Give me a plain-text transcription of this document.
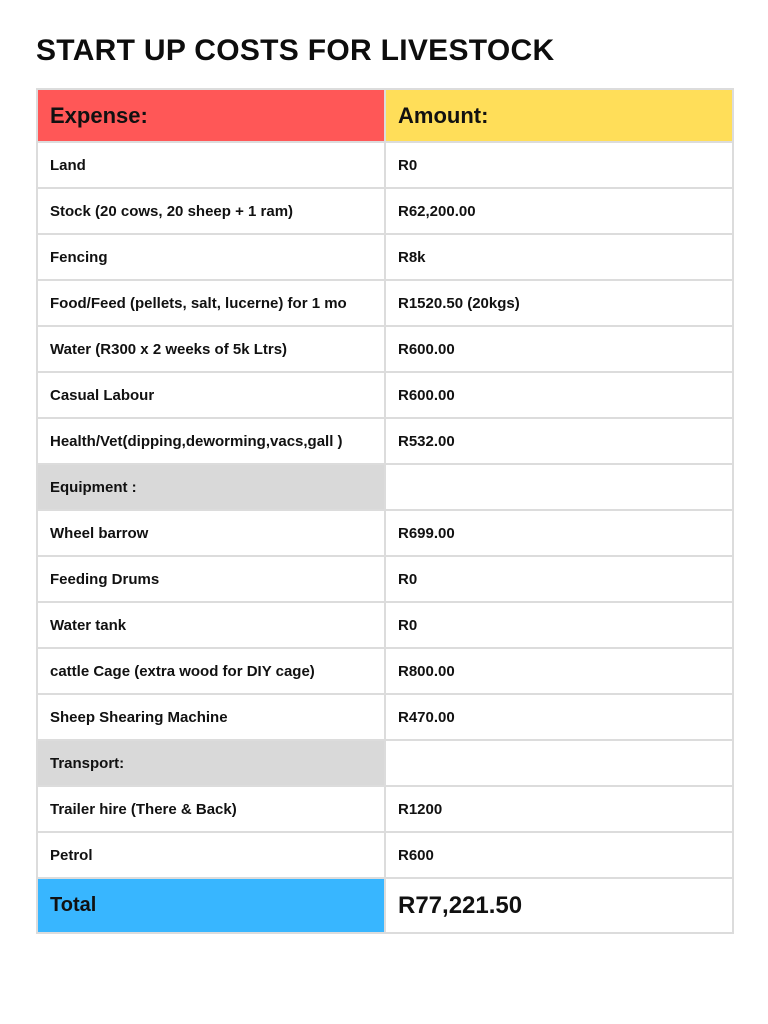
START UP COSTS FOR LIVESTOCK
Expense:	Amount:
Land	R0
Stock (20 cows, 20 sheep + 1 ram)	R62,200.00
Fencing	R8k
Food/Feed (pellets, salt, lucerne) for 1 mo	R1520.50 (20kgs)
Water (R300 x 2 weeks of 5k Ltrs)	R600.00
Casual Labour	R600.00
Health/Vet(dipping,deworming,vacs,gall )	R532.00
Equipment :	
Wheel barrow	R699.00
Feeding Drums	R0
Water tank	R0
cattle Cage (extra wood for DIY cage)	R800.00
Sheep Shearing Machine	R470.00
Transport:	
Trailer hire (There & Back)	R1200
Petrol	R600
Total	R77,221.50
